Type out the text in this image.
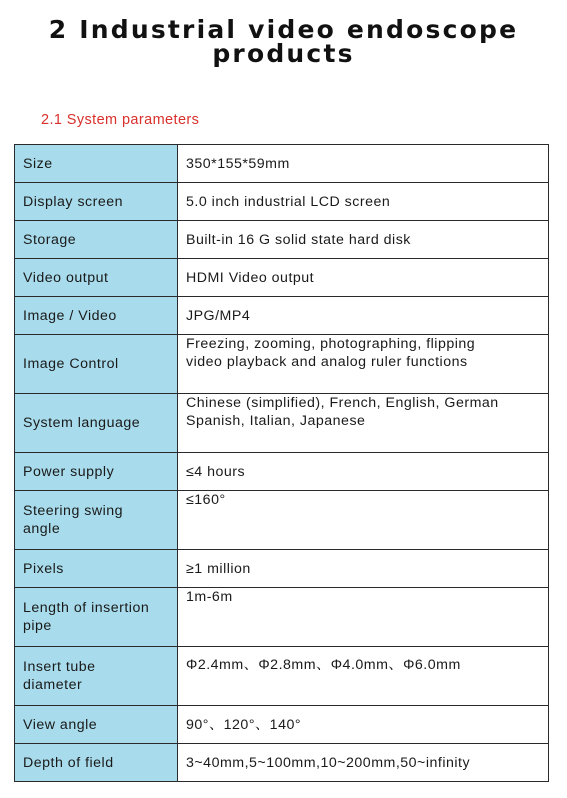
2 Industrial video endoscope
products
2.1 System parameters
Size	350*155*59mm
Display screen	5.0 inch industrial LCD screen
Storage	Built-in 16 G solid state hard disk
Video output	HDMI Video output
Image / Video	JPG/MP4
Image Control	Freezing, zooming, photographing, flipping
video playback and analog ruler functions

System language	Chinese (simplified), French, English, German
Spanish, Italian, Japanese

Power supply	≤4 hours

Steering swing
angle	≤160°
Pixels	≥1 million

Length of insertion
pipe	1m-6m

Insert tube
diameter	Φ2.4mm、Φ2.8mm、Φ4.0mm、Φ6.0mm
View angle	90°、120°、140°
Depth of field	3~40mm,5~100mm,10~200mm,50~infinity
